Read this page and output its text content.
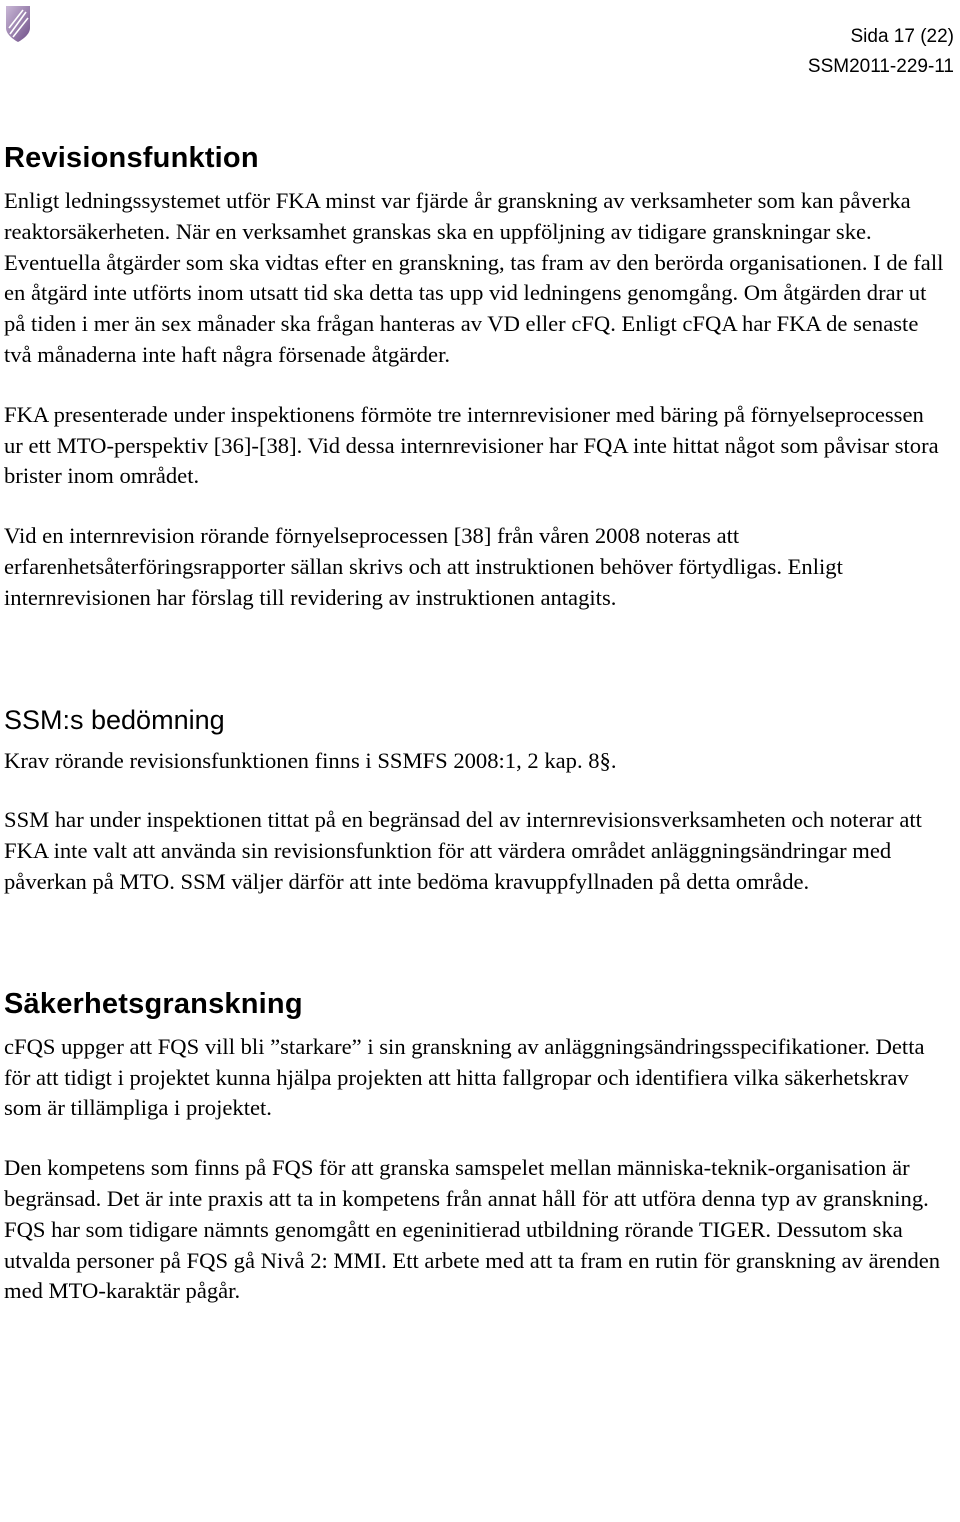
Sida 17 (22)
SSM2011-229-11
Revisionsfunktion

Enligt ledningssystemet utför FKA minst var fjärde år granskning av verksamheter som kan påverka reaktorsäkerheten. När en verksamhet granskas ska en uppföljning av tidigare granskningar ske. Eventuella åtgärder som ska vidtas efter en granskning, tas fram av den berörda organisationen. I de fall en åtgärd inte utförts inom utsatt tid ska detta tas upp vid ledningens genomgång. Om åtgärden drar ut på tiden i mer än sex månader ska frågan hanteras av VD eller cFQ. Enligt cFQA har FKA de senaste två månaderna inte haft några försenade åtgärder.

FKA presenterade under inspektionens förmöte tre internrevisioner med bäring på förnyelseprocessen ur ett MTO-perspektiv [36]-[38]. Vid dessa internrevisioner har FQA inte hittat något som påvisar stora brister inom området.

Vid en internrevision rörande förnyelseprocessen [38] från våren 2008 noteras att erfarenhetsåterföringsrapporter sällan skrivs och att instruktionen behöver förtydligas. Enligt internrevisionen har förslag till revidering av instruktionen antagits.

SSM:s bedömning

Krav rörande revisionsfunktionen finns i SSMFS 2008:1, 2 kap. 8§.

SSM har under inspektionen tittat på en begränsad del av internrevisionsverksamheten och noterar att FKA inte valt att använda sin revisionsfunktion för att värdera området anläggningsändringar med påverkan på MTO. SSM väljer därför att inte bedöma kravuppfyllnaden på detta område.

Säkerhetsgranskning

cFQS uppger att FQS vill bli ”starkare” i sin granskning av anläggningsändringsspecifikationer. Detta för att tidigt i projektet kunna hjälpa projekten att hitta fallgropar och identifiera vilka säkerhetskrav som är tillämpliga i projektet.

Den kompetens som finns på FQS för att granska samspelet mellan människa-teknik-organisation är begränsad. Det är inte praxis att ta in kompetens från annat håll för att utföra denna typ av granskning. FQS har som tidigare nämnts genomgått en egeninitierad utbildning rörande TIGER. Dessutom ska utvalda personer på FQS gå Nivå 2: MMI. Ett arbete med att ta fram en rutin för granskning av ärenden med MTO-karaktär pågår.
